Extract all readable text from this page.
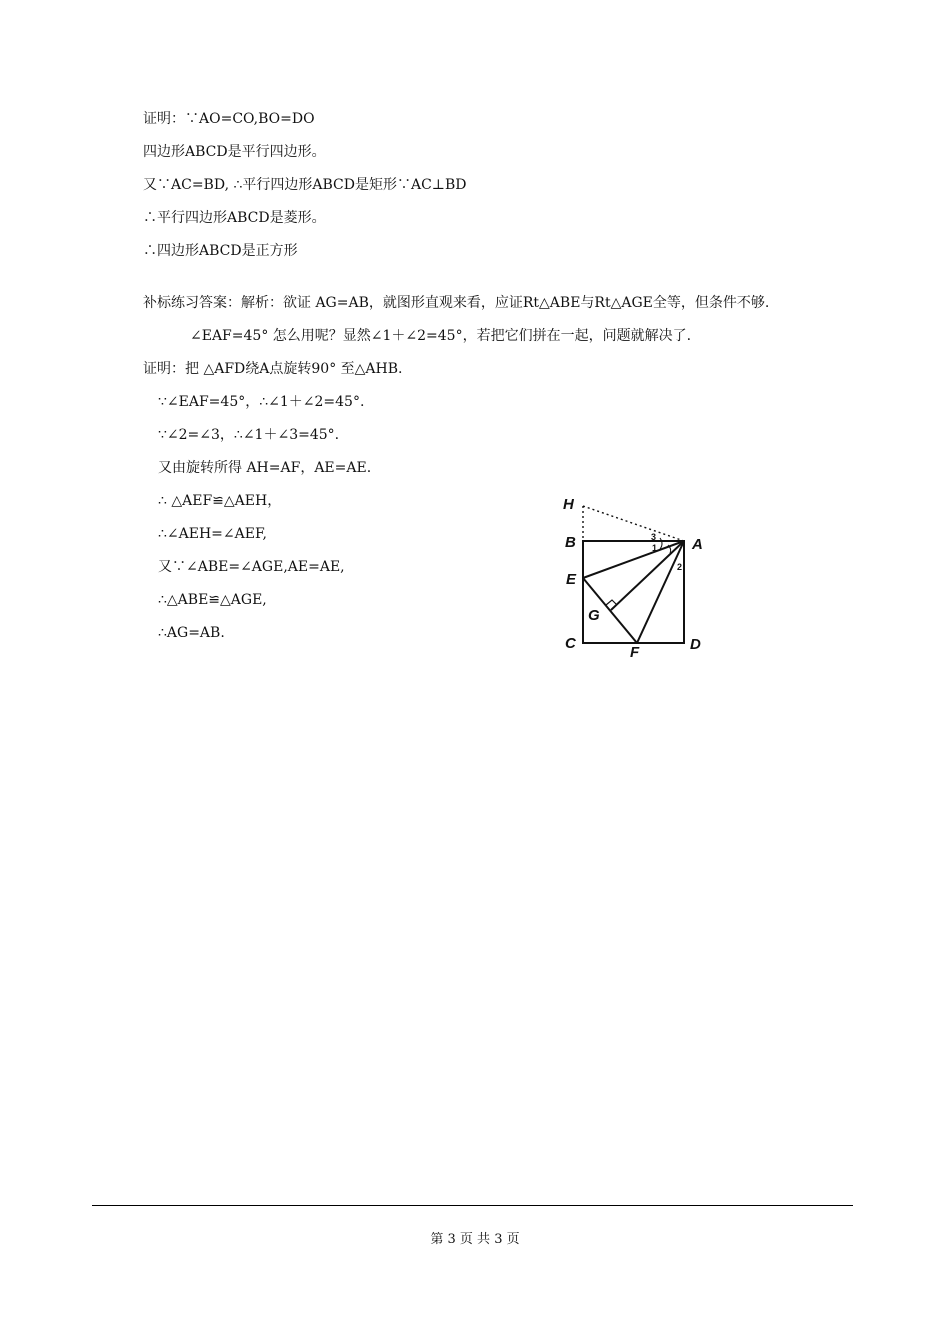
证明：∵AO=CO,BO=DO
四边形ABCD是平行四边形。
又∵AC=BD, ∴平行四边形ABCD是矩形∵AC⊥BD
∴平行四边形ABCD是菱形。
∴四边形ABCD是正方形
补标练习答案：解析：欲证 AG=AB，就图形直观来看，应证Rt△ABE与Rt△AGE全等，但条件不够.
∠EAF=45° 怎么用呢？显然∠1＋∠2=45°，若把它们拼在一起，问题就解决了.
证明：把 △AFD绕A点旋转90° 至△AHB.
∵∠EAF=45°，∴∠1＋∠2=45°.
∵∠2=∠3，∴∠1＋∠3=45°.
又由旋转所得 AH=AF，AE=AE.
∴ △AEF≌△AEH，
∴∠AEH=∠AEF,
又∵∠ABE=∠AGE,AE=AE,
∴△ABE≌△AGE,
∴AG=AB.
H
B	A
E
G
C	D
F
3
1
2
第 3 页 共 3 页
